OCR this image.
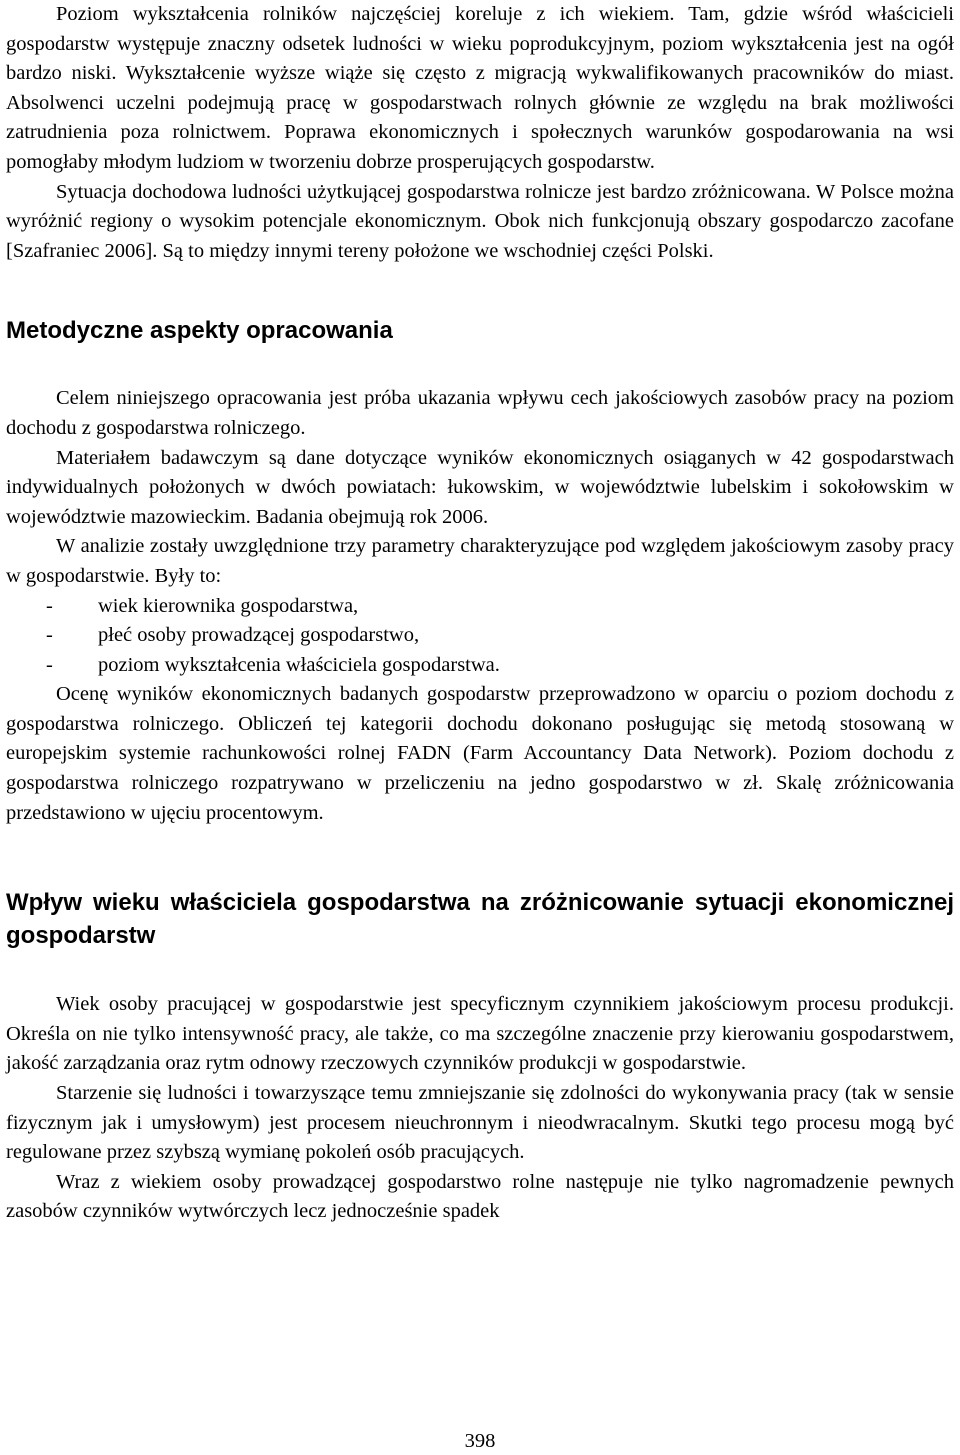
Poziom wykształcenia rolników najczęściej koreluje z ich wiekiem. Tam, gdzie wśród właścicieli gospodarstw występuje znaczny odsetek ludności w wieku poprodukcyjnym, poziom wykształcenia jest na ogół bardzo niski. Wykształcenie wyższe wiąże się często z migracją wykwalifikowanych pracowników do miast. Absolwenci uczelni podejmują pracę w gospodarstwach rolnych głównie ze względu na brak możliwości zatrudnienia poza rolnictwem. Poprawa ekonomicznych i społecznych warunków gospodarowania na wsi pomogłaby młodym ludziom w tworzeniu dobrze prosperujących gospodarstw.

Sytuacja dochodowa ludności użytkującej gospodarstwa rolnicze jest bardzo zróżnicowana. W Polsce można wyróżnić regiony o wysokim potencjale ekonomicznym. Obok nich funkcjonują obszary gospodarczo zacofane [Szafraniec 2006]. Są to między innymi tereny położone we wschodniej części Polski.

Metodyczne aspekty opracowania

Celem niniejszego opracowania jest próba ukazania wpływu cech jakościowych zasobów pracy na poziom dochodu z gospodarstwa rolniczego.

Materiałem badawczym są dane dotyczące wyników ekonomicznych osiąganych w 42 gospodarstwach indywidualnych położonych w dwóch powiatach: łukowskim, w województwie lubelskim i sokołowskim w województwie mazowieckim. Badania obejmują rok 2006.

W analizie zostały uwzględnione trzy parametry charakteryzujące pod względem jakościowym zasoby pracy w gospodarstwie. Były to:

- wiek kierownika gospodarstwa,
- płeć osoby prowadzącej gospodarstwo,
- poziom wykształcenia właściciela gospodarstwa.

Ocenę wyników ekonomicznych badanych gospodarstw przeprowadzono w oparciu o poziom dochodu z gospodarstwa rolniczego. Obliczeń tej kategorii dochodu dokonano posługując się metodą stosowaną w europejskim systemie rachunkowości rolnej FADN (Farm Accountancy Data Network). Poziom dochodu z gospodarstwa rolniczego rozpatrywano w przeliczeniu na jedno gospodarstwo w zł. Skalę zróżnicowania przedstawiono w ujęciu procentowym.

Wpływ wieku właściciela gospodarstwa na zróżnicowanie sytuacji ekonomicznej gospodarstw

Wiek osoby pracującej w gospodarstwie jest specyficznym czynnikiem jakościowym procesu produkcji. Określa on nie tylko intensywność pracy, ale także, co ma szczególne znaczenie przy kierowaniu gospodarstwem, jakość zarządzania oraz rytm odnowy rzeczowych czynników produkcji w gospodarstwie.

Starzenie się ludności i towarzyszące temu zmniejszanie się zdolności do wykonywania pracy (tak w sensie fizycznym jak i umysłowym) jest procesem nieuchronnym i nieodwracalnym. Skutki tego procesu mogą być regulowane przez szybszą wymianę pokoleń osób pracujących.

Wraz z wiekiem osoby prowadzącej gospodarstwo rolne następuje nie tylko nagromadzenie pewnych zasobów czynników wytwórczych lecz jednocześnie spadek

398
